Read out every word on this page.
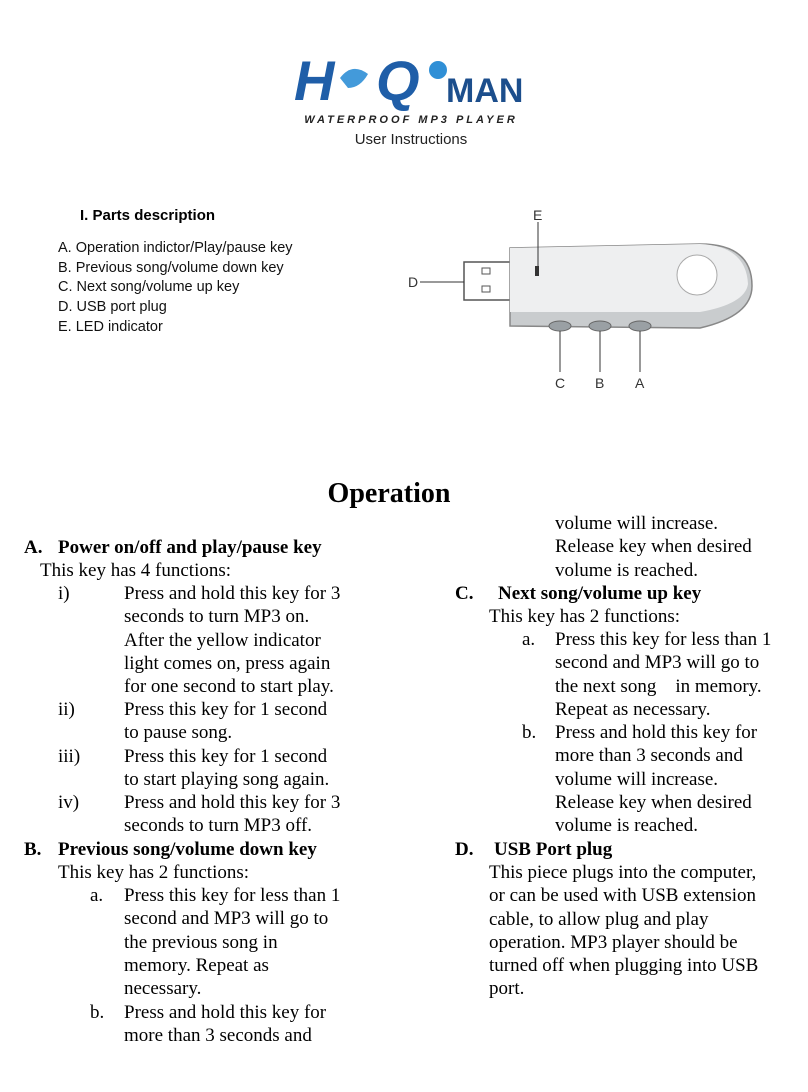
H Q MAN
WATERPROOF MP3 PLAYER
User Instructions
I. Parts description
A. Operation indictor/Play/pause key
B. Previous song/volume down key
C. Next song/volume up key
D. USB port plug
E. LED indicator
E
D
C B A
Operation
A. Power on/off and play/pause key
This key has 4 functions:
i)	Press and hold this key for 3
seconds to turn MP3 on.
After the yellow indicator
light comes on, press again
for one second to start play.
ii)	Press this key for 1 second
to pause song.
iii) Press this key for 1 second
to start playing song again.
iv) Press and hold this key for 3
seconds to turn MP3 off.
B. Previous song/volume down key
This key has 2 functions:
a. Press this key for less than 1
second and MP3 will go to
the previous song in
memory. Repeat as
necessary.
b. Press and hold this key for
more than 3 seconds and
volume will increase.
Release key when desired
volume is reached.
C. Next song/volume up key
This key has 2 functions:
a. Press this key for less than 1
second and MP3 will go to
the next song    in memory.
Repeat as necessary.
b. Press and hold this key for
more than 3 seconds and
volume will increase.
Release key when desired
volume is reached.
D. USB Port plug
This piece plugs into the computer,
or can be used with USB extension
cable, to allow plug and play
operation. MP3 player should be
turned off when plugging into USB
port.
